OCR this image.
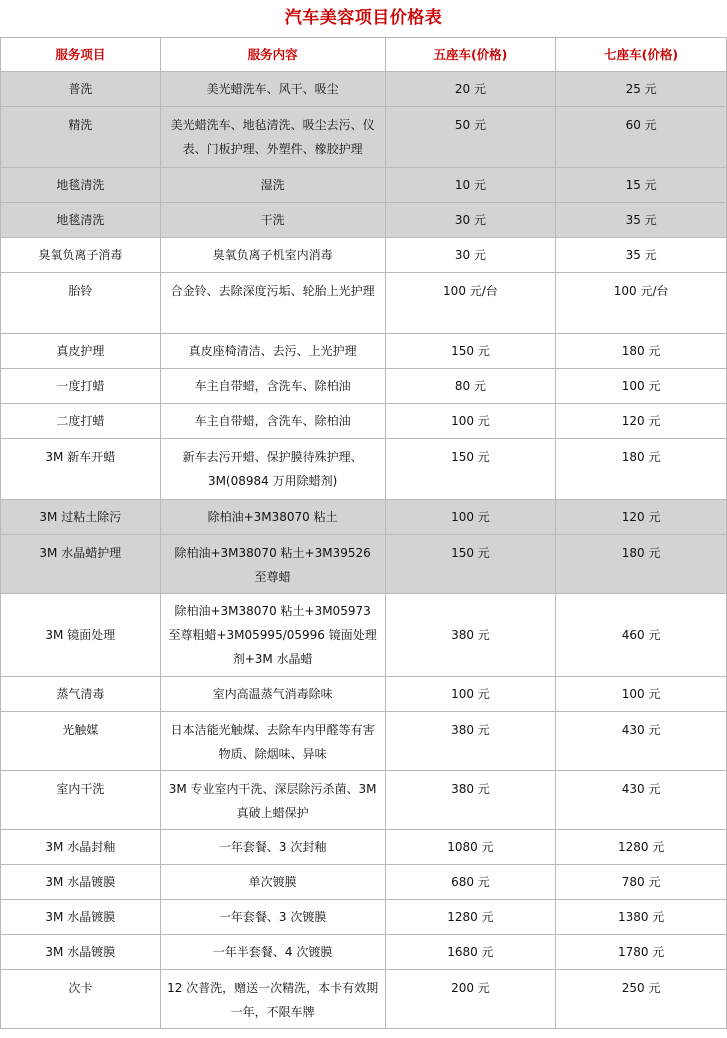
汽车美容项目价格表
服务项目	服务内容	五座车(价格)	七座车(价格)
普洗	美光蜡洗车、风干、吸尘	20 元	25 元
精洗	美光蜡洗车、地毡清洗、吸尘去污、仪表、门板护理、外塑件、橡胶护理	50 元	60 元
地毯清洗	湿洗	10 元	15 元
地毯清洗	干洗	30 元	35 元
臭氧负离子消毒	臭氧负离子机室内消毒	30 元	35 元
胎铃	合金铃、去除深度污垢、轮胎上光护理	100 元/台	100 元/台
真皮护理	真皮座椅清洁、去污、上光护理	150 元	180 元
一度打蜡	车主自带蜡，含洗车、除柏油	80 元	100 元
二度打蜡	车主自带蜡，含洗车、除柏油	100 元	120 元
3M 新车开蜡	新车去污开蜡、保护膜待殊护理、3M(08984 万用除蜡剂)	150 元	180 元
3M 过粘土除污	除柏油+3M38070 粘土	100 元	120 元
3M 水晶蜡护理	除柏油+3M38070 粘土+3M39526 至尊蜡	150 元	180 元
3M 镜面处理	除柏油+3M38070 粘土+3M05973 至尊粗蜡+3M05995/05996 镜面处理剂+3M 水晶蜡	380 元	460 元
蒸气清毒	室内高温蒸气消毒除味	100 元	100 元
光触媒	日本洁能光触煤、去除车内甲醛等有害物质、除烟味、异味	380 元	430 元
室内干洗	3M 专业室内干洗、深层除污杀菌、3M 真破上蜡保护	380 元	430 元
3M 水晶封釉	一年套餐、3 次封釉	1080 元	1280 元
3M 水晶镀膜	单次镀膜	680 元	780 元
3M 水晶镀膜	一年套餐、3 次镀膜	1280 元	1380 元
3M 水晶镀膜	一年半套餐、4 次镀膜	1680 元	1780 元
次卡	12 次普洗，赠送一次精洗，本卡有效期一年，不限车牌	200 元	250 元
